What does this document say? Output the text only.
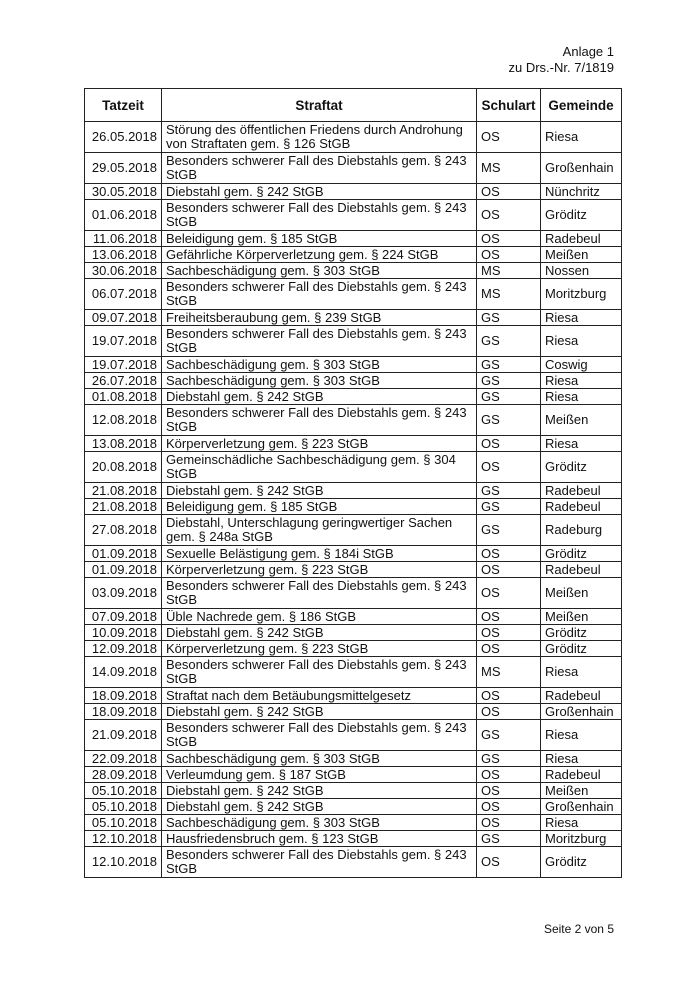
Anlage 1
zu Drs.-Nr. 7/1819
Tatzeit	Straftat	Schulart	Gemeinde
26.05.2018	Störung des öffentlichen Friedens durch Androhung von Straftaten gem. § 126 StGB	OS	Riesa
29.05.2018	Besonders schwerer Fall des Diebstahls gem. § 243 StGB	MS	Großenhain
30.05.2018	Diebstahl gem. § 242 StGB	OS	Nünchritz
01.06.2018	Besonders schwerer Fall des Diebstahls gem. § 243 StGB	OS	Gröditz
11.06.2018	Beleidigung gem. § 185 StGB	OS	Radebeul
13.06.2018	Gefährliche Körperverletzung gem. § 224 StGB	OS	Meißen
30.06.2018	Sachbeschädigung gem. § 303 StGB	MS	Nossen
06.07.2018	Besonders schwerer Fall des Diebstahls gem. § 243 StGB	MS	Moritzburg
09.07.2018	Freiheitsberaubung gem. § 239 StGB	GS	Riesa
19.07.2018	Besonders schwerer Fall des Diebstahls gem. § 243 StGB	GS	Riesa
19.07.2018	Sachbeschädigung gem. § 303 StGB	GS	Coswig
26.07.2018	Sachbeschädigung gem. § 303 StGB	GS	Riesa
01.08.2018	Diebstahl gem. § 242 StGB	GS	Riesa
12.08.2018	Besonders schwerer Fall des Diebstahls gem. § 243 StGB	GS	Meißen
13.08.2018	Körperverletzung gem. § 223 StGB	OS	Riesa
20.08.2018	Gemeinschädliche Sachbeschädigung gem. § 304 StGB	OS	Gröditz
21.08.2018	Diebstahl gem. § 242 StGB	GS	Radebeul
21.08.2018	Beleidigung gem. § 185 StGB	GS	Radebeul
27.08.2018	Diebstahl, Unterschlagung geringwertiger Sachen gem. § 248a StGB	GS	Radeburg
01.09.2018	Sexuelle Belästigung gem. § 184i StGB	OS	Gröditz
01.09.2018	Körperverletzung gem. § 223 StGB	OS	Radebeul
03.09.2018	Besonders schwerer Fall des Diebstahls gem. § 243 StGB	OS	Meißen
07.09.2018	Üble Nachrede gem. § 186 StGB	OS	Meißen
10.09.2018	Diebstahl gem. § 242 StGB	OS	Gröditz
12.09.2018	Körperverletzung gem. § 223 StGB	OS	Gröditz
14.09.2018	Besonders schwerer Fall des Diebstahls gem. § 243 StGB	MS	Riesa
18.09.2018	Straftat nach dem Betäubungsmittelgesetz	OS	Radebeul
18.09.2018	Diebstahl gem. § 242 StGB	OS	Großenhain
21.09.2018	Besonders schwerer Fall des Diebstahls gem. § 243 StGB	GS	Riesa
22.09.2018	Sachbeschädigung gem. § 303 StGB	GS	Riesa
28.09.2018	Verleumdung gem. § 187 StGB	OS	Radebeul
05.10.2018	Diebstahl gem. § 242 StGB	OS	Meißen
05.10.2018	Diebstahl gem. § 242 StGB	OS	Großenhain
05.10.2018	Sachbeschädigung gem. § 303 StGB	OS	Riesa
12.10.2018	Hausfriedensbruch gem. § 123 StGB	GS	Moritzburg
12.10.2018	Besonders schwerer Fall des Diebstahls gem. § 243 StGB	OS	Gröditz
Seite 2 von 5
